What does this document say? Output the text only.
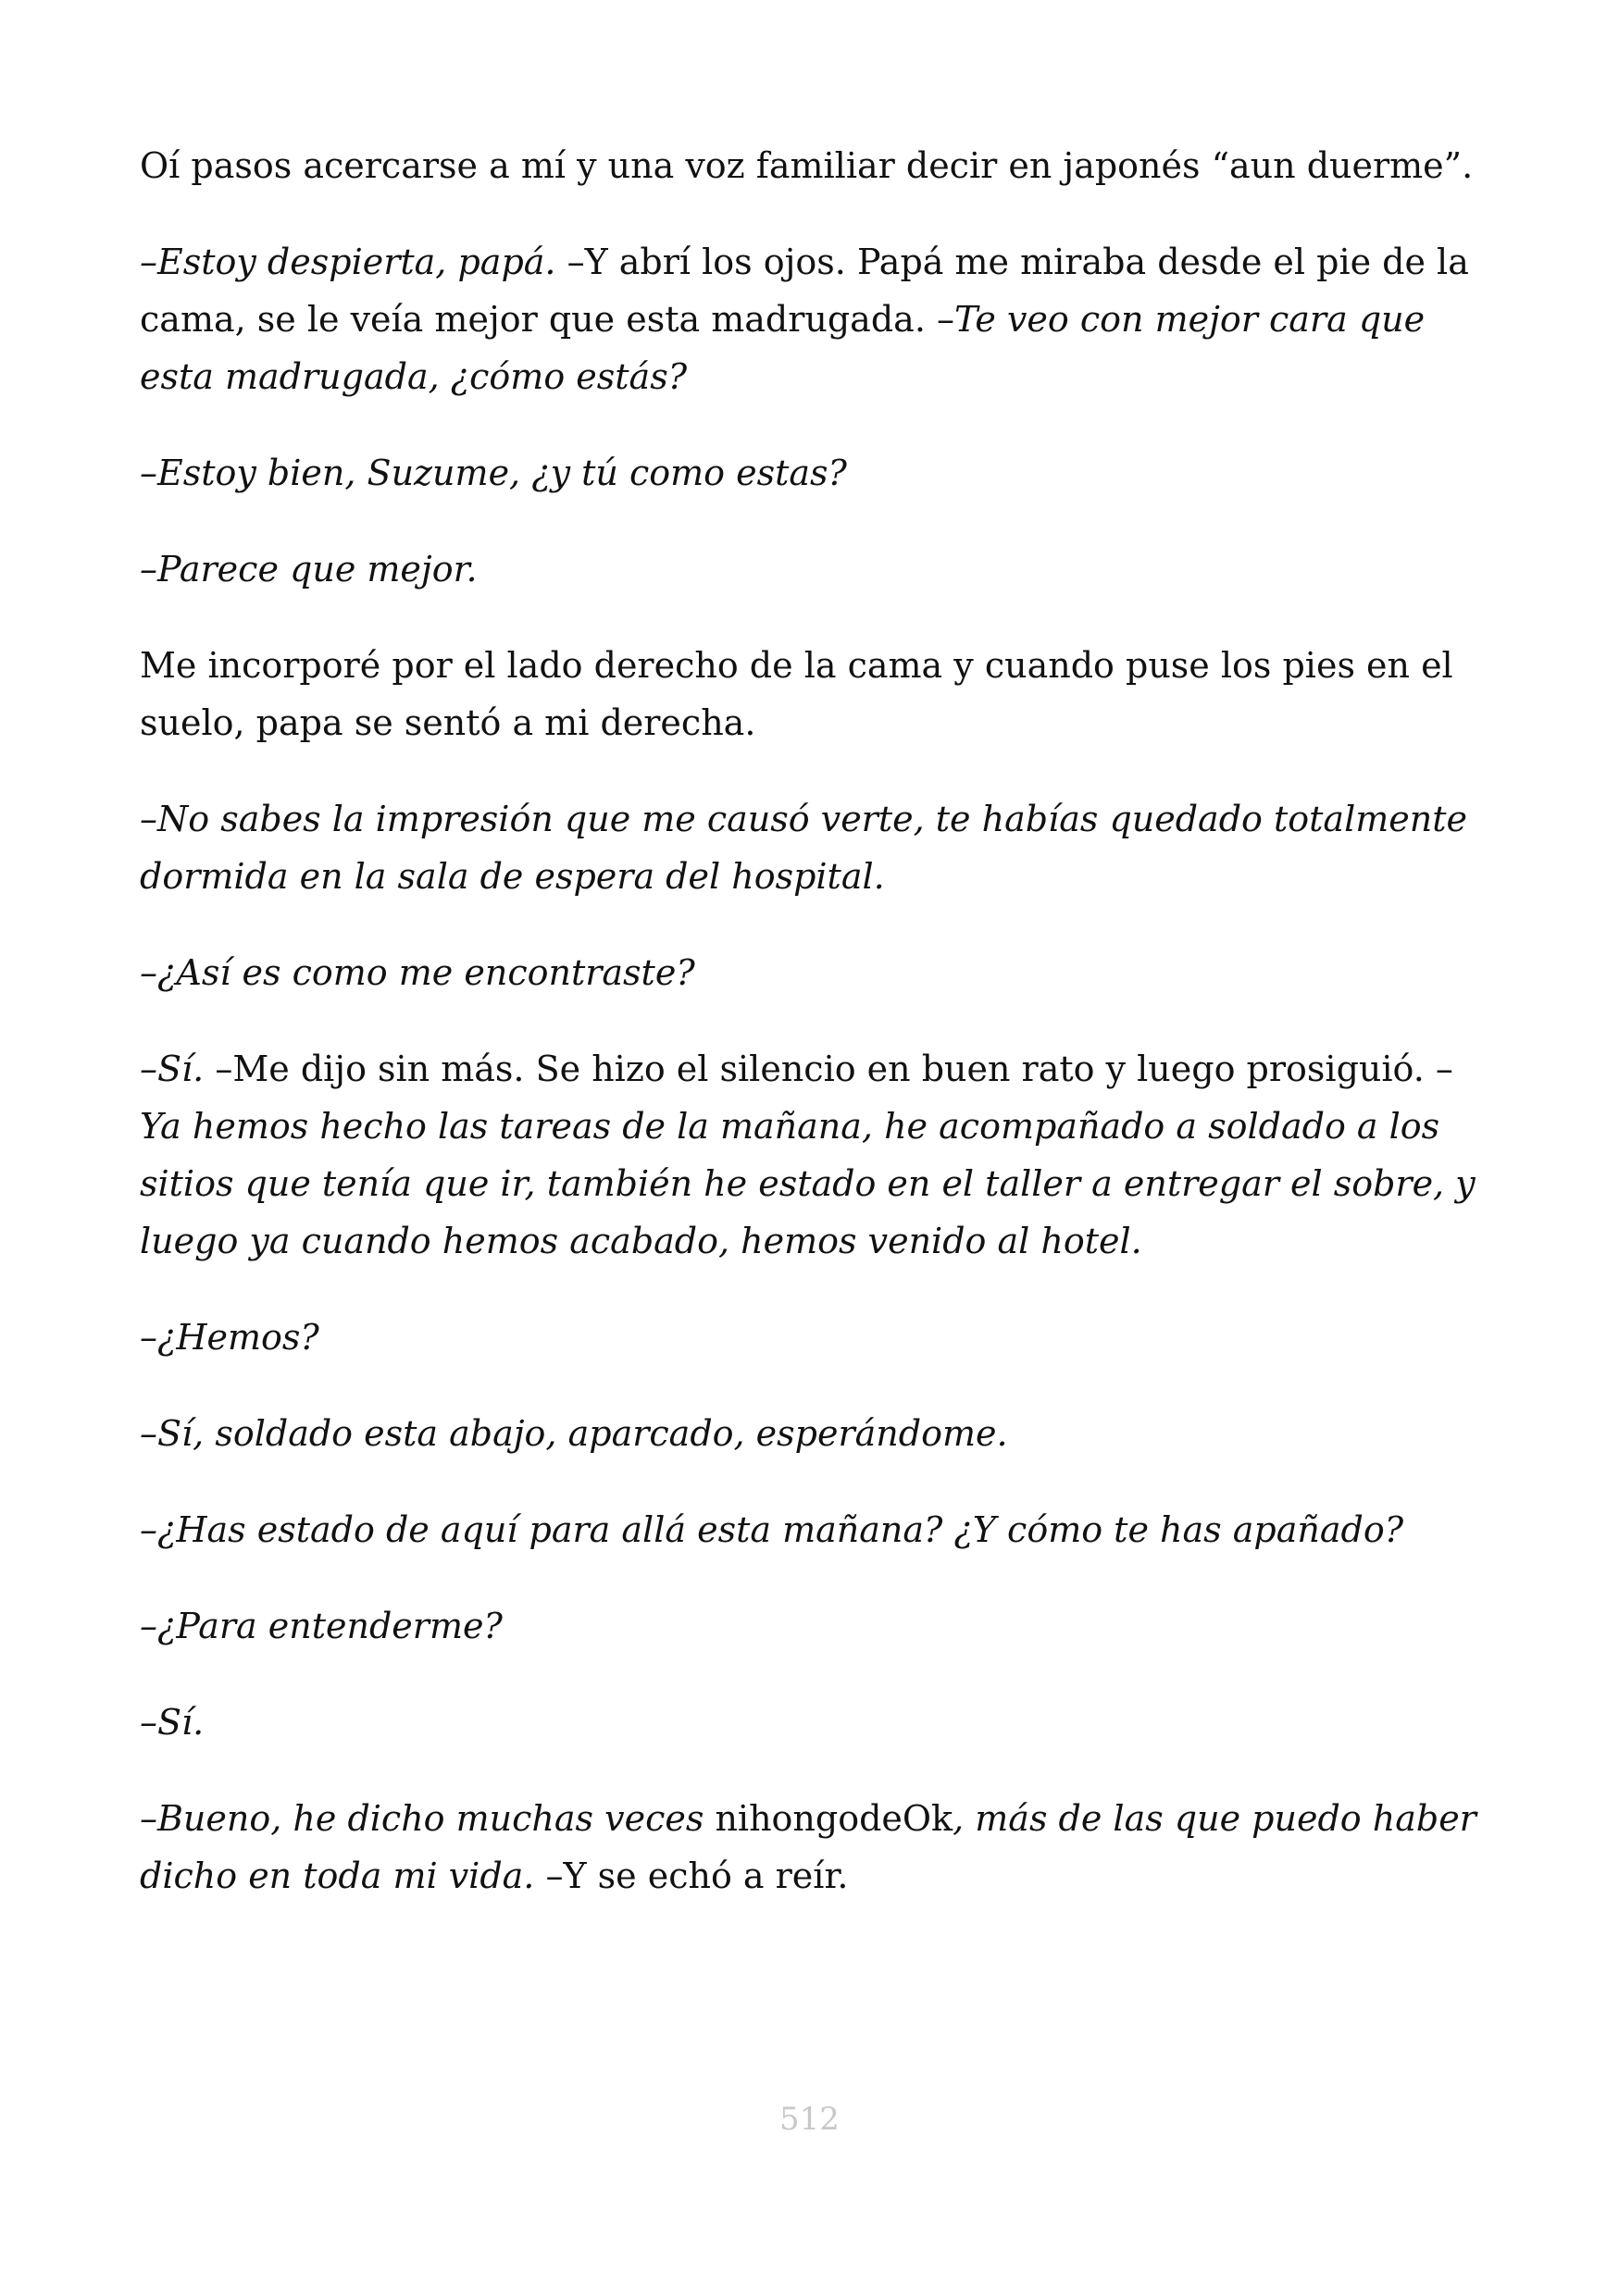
Oí pasos acercarse a mí y una voz familiar decir en japonés “aun duerme”.

–Estoy despierta, papá. –Y abrí los ojos. Papá me miraba desde el pie de la cama, se le veía mejor que esta madrugada. –Te veo con mejor cara que esta madrugada, ¿cómo estás?

–Estoy bien, Suzume, ¿y tú como estas?

–Parece que mejor.

Me incorporé por el lado derecho de la cama y cuando puse los pies en el suelo, papa se sentó a mi derecha.

–No sabes la impresión que me causó verte, te habías quedado totalmente dormida en la sala de espera del hospital.

–¿Así es como me encontraste?

–Sí. –Me dijo sin más. Se hizo el silencio en buen rato y luego prosiguió. –Ya hemos hecho las tareas de la mañana, he acompañado a soldado a los sitios que tenía que ir, también he estado en el taller a entregar el sobre, y luego ya cuando hemos acabado, hemos venido al hotel.

–¿Hemos?

–Sí, soldado esta abajo, aparcado, esperándome.

–¿Has estado de aquí para allá esta mañana? ¿Y cómo te has apañado?

–¿Para entenderme?

–Sí.

–Bueno, he dicho muchas veces nihongodeOk, más de las que puedo haber dicho en toda mi vida. –Y se echó a reír.

512
